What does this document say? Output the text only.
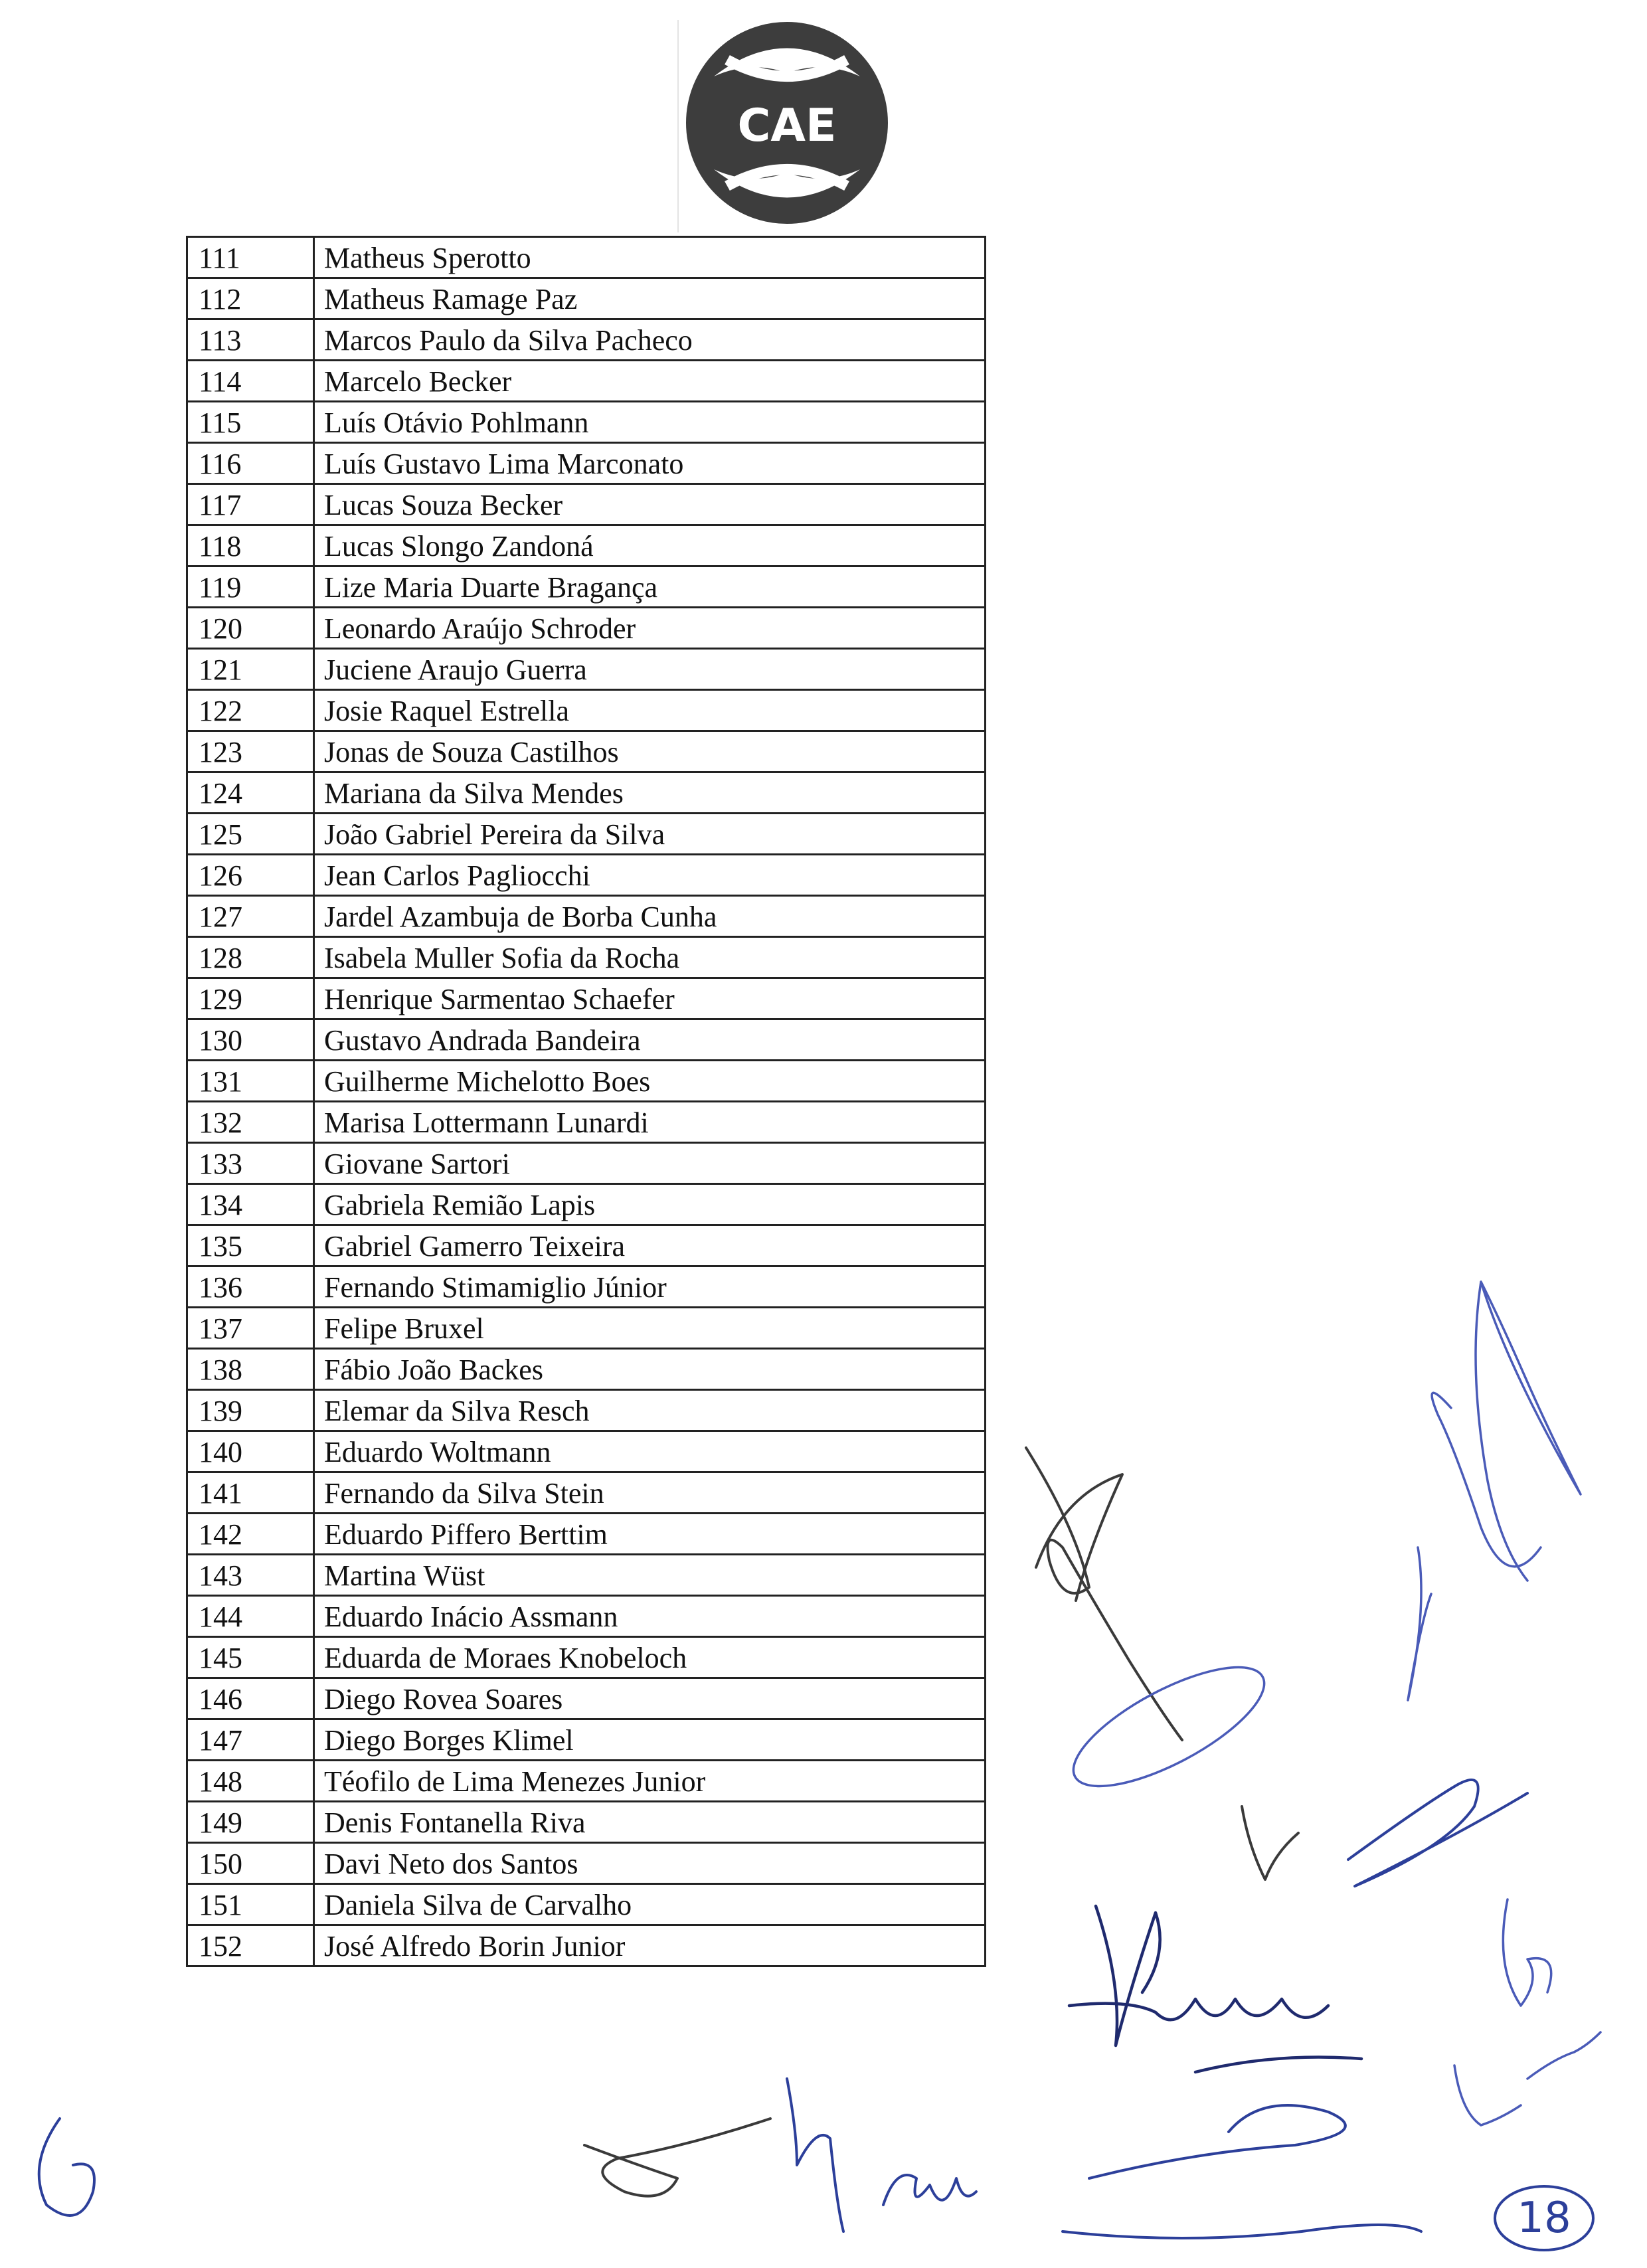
CAE
111	Matheus Sperotto
112	Matheus Ramage Paz
113	Marcos Paulo da Silva Pacheco
114	Marcelo Becker
115	Luís Otávio Pohlmann
116	Luís Gustavo Lima Marconato
117	Lucas Souza Becker
118	Lucas Slongo Zandoná
119	Lize Maria Duarte Bragança
120	Leonardo Araújo Schroder
121	Juciene Araujo Guerra
122	Josie Raquel Estrella
123	Jonas de Souza Castilhos
124	Mariana da Silva Mendes
125	João Gabriel Pereira da Silva
126	Jean Carlos Pagliocchi
127	Jardel Azambuja de Borba Cunha
128	Isabela Muller Sofia da Rocha
129	Henrique Sarmentao Schaefer
130	Gustavo Andrada Bandeira
131	Guilherme Michelotto Boes
132	Marisa Lottermann Lunardi
133	Giovane Sartori
134	Gabriela Remião Lapis
135	Gabriel Gamerro Teixeira
136	Fernando Stimamiglio Júnior
137	Felipe Bruxel
138	Fábio João Backes
139	Elemar da Silva Resch
140	Eduardo Woltmann
141	Fernando da Silva Stein
142	Eduardo Piffero Berttim
143	Martina Wüst
144	Eduardo Inácio Assmann
145	Eduarda de Moraes Knobeloch
146	Diego Rovea Soares
147	Diego Borges Klimel
148	Téofilo de Lima Menezes Junior
149	Denis Fontanella Riva
150	Davi Neto dos Santos
151	Daniela Silva de Carvalho
152	José Alfredo Borin Junior
18
